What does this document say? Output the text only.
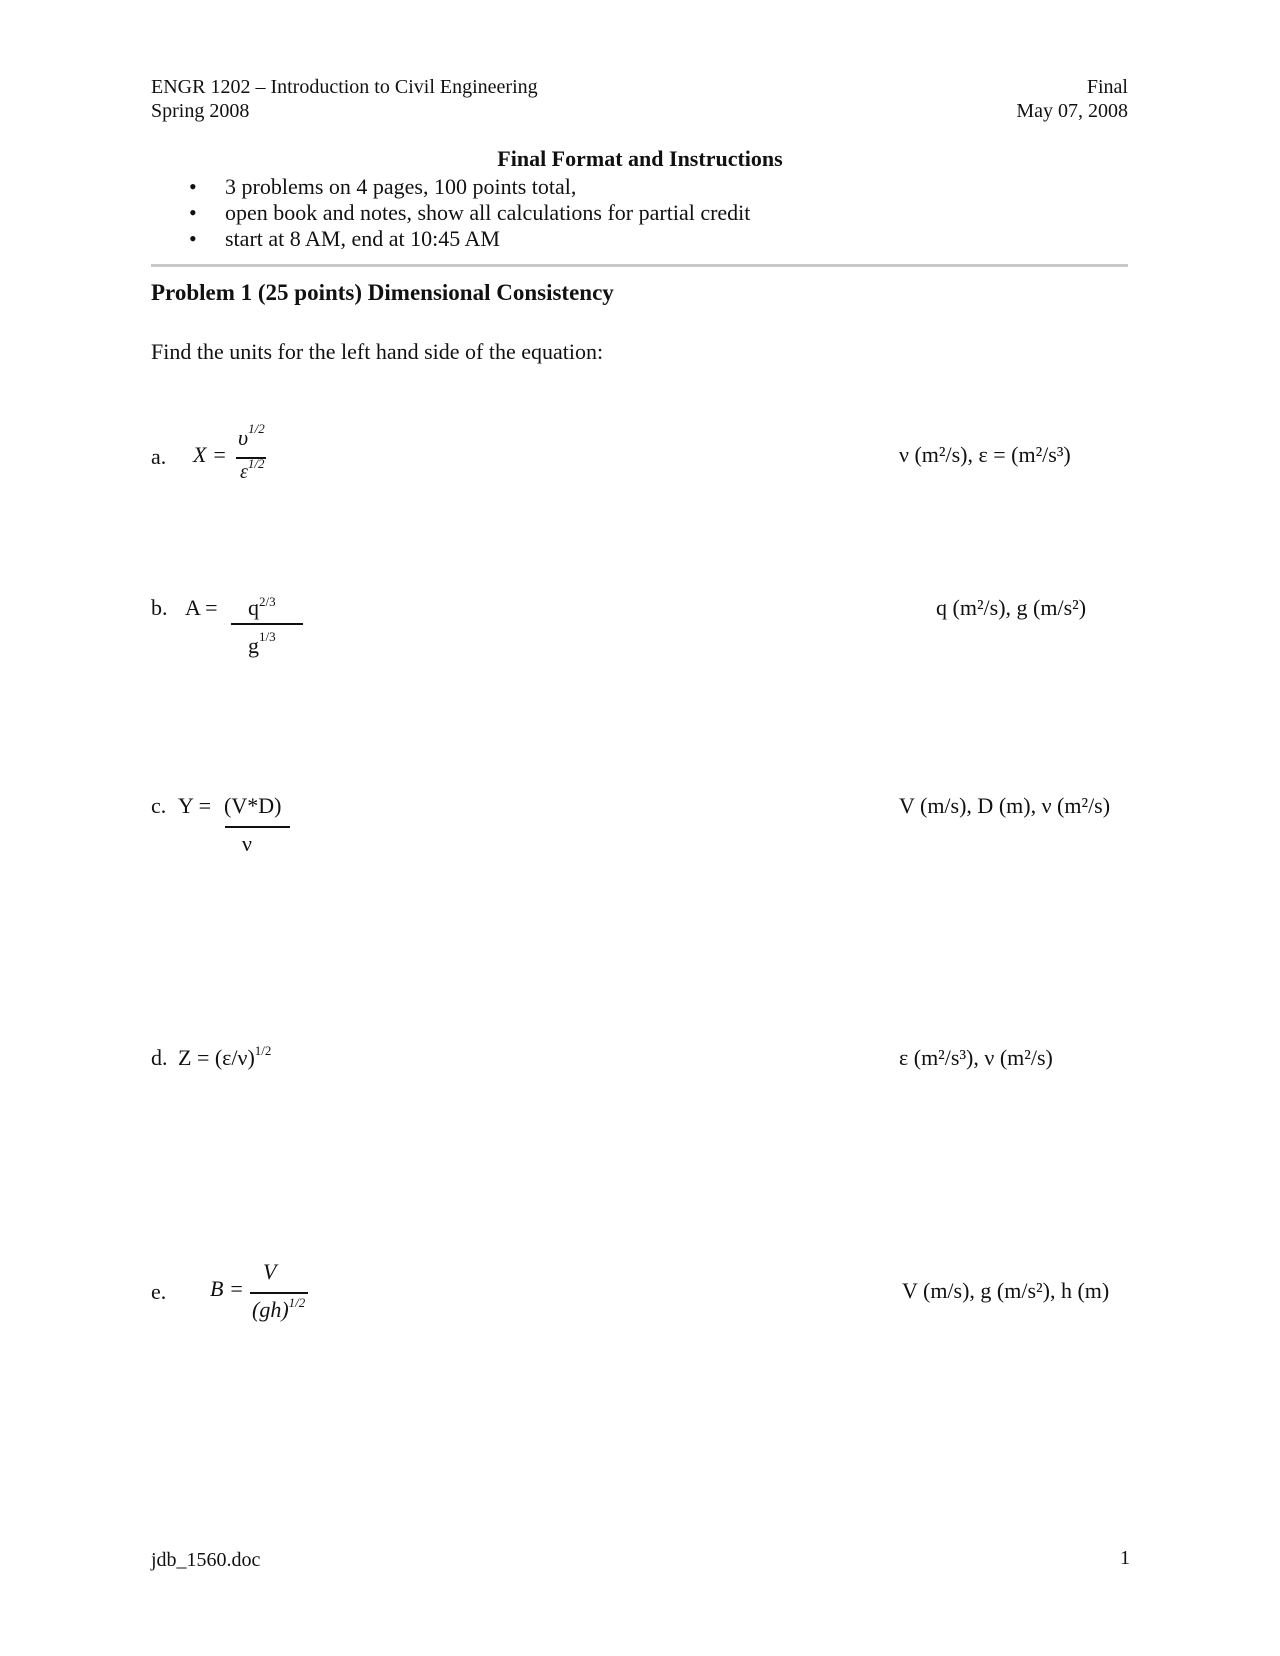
ENGR 1202 – Introduction to Civil Engineering
Spring 2008
Final
May 07, 2008
Final Format and Instructions
• 3 problems on 4 pages, 100 points total,
• open book and notes, show all calculations for partial credit
• start at 8 AM, end at 10:45 AM
Problem 1 (25 points) Dimensional Consistency
Find the units for the left hand side of the equation:
a. X =
$\upsilon^{1/2}$
$\varepsilon^{1/2}$	ν (m²/s), ε = (m²/s³)
b. $A = q^{2/3}$
$g^{1/3}$
q (m²/s), g (m/s²)
c. Y = (V*D)
ν
V (m/s), D (m), ν (m²/s)
d. $Z = (\varepsilon/\nu)^{1/2}$	ε (m²/s³), ν (m²/s)
e. B =
V
(gh)$^{1/2}$	V (m/s), g (m/s²), h (m)
jdb_1560.doc	1
